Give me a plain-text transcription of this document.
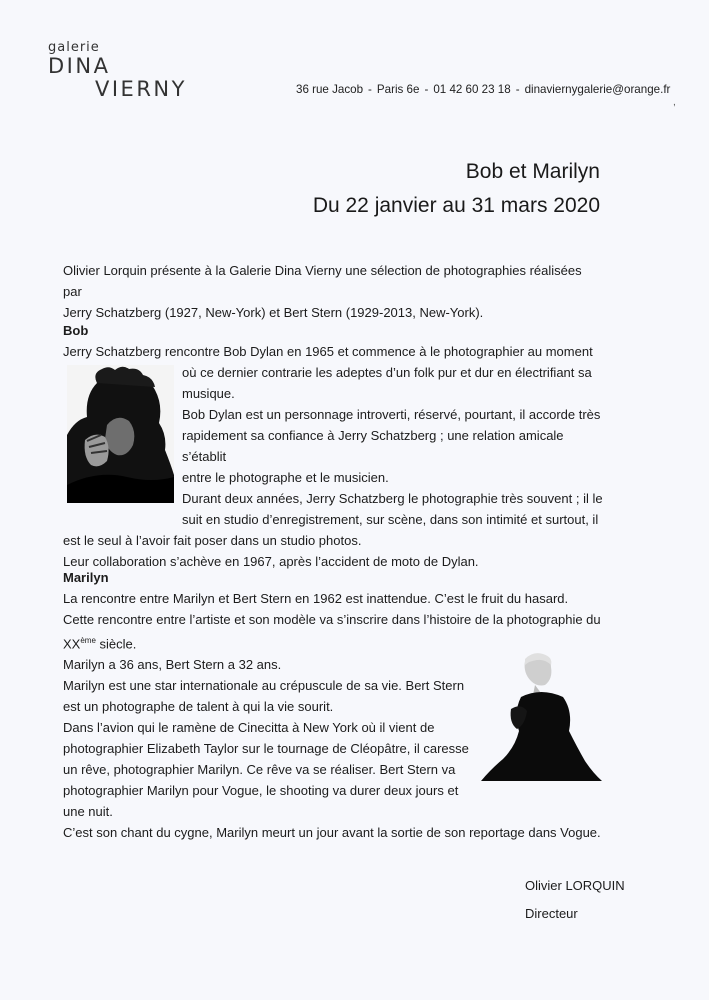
galerie
DINA
VIERNY	36 rue Jacob - Paris 6e - 01 42 60 23 18 - dinaviernygalerie@orange.fr
,
Bob et Marilyn
Du 22 janvier au 31 mars 2020

Olivier Lorquin présente à la Galerie Dina Vierny une sélection de photographies réalisées par

Jerry Schatzberg (1927, New-York) et Bert Stern (1929-2013, New-York).

Bob

Jerry Schatzberg rencontre Bob Dylan en 1965 et commence à le photographier au moment

où ce dernier contrarie les adeptes d’un folk pur et dur en électrifiant sa

musique.

Bob Dylan est un personnage introverti, réservé, pourtant, il accorde très

rapidement sa confiance à Jerry Schatzberg ; une relation amicale s’établit

entre le photographe et le musicien.

Durant deux années, Jerry Schatzberg le photographie très souvent ; il le

suit en studio d’enregistrement, sur scène, dans son intimité et surtout, il

est le seul à l’avoir fait poser dans un studio photos.

Leur collaboration s’achève en 1967, après l’accident de moto de Dylan.

Marilyn

La rencontre entre Marilyn et Bert Stern en 1962 est inattendue. C’est le fruit du hasard.

Cette rencontre entre l’artiste et son modèle va s’inscrire dans l’histoire de la photographie du

XXème siècle.

Marilyn a 36 ans, Bert Stern a 32 ans.

Marilyn est une star internationale au crépuscule de sa vie. Bert Stern

est un photographe de talent à qui la vie sourit.

Dans l’avion qui le ramène de Cinecitta à New York où il vient de

photographier Elizabeth Taylor sur le tournage de Cléopâtre, il caresse

un rêve, photographier Marilyn. Ce rêve va se réaliser. Bert Stern va

photographier Marilyn pour Vogue, le shooting va durer deux jours et

une nuit.

C’est son chant du cygne, Marilyn meurt un jour avant la sortie de son reportage dans Vogue.

Olivier LORQUIN
Directeur
